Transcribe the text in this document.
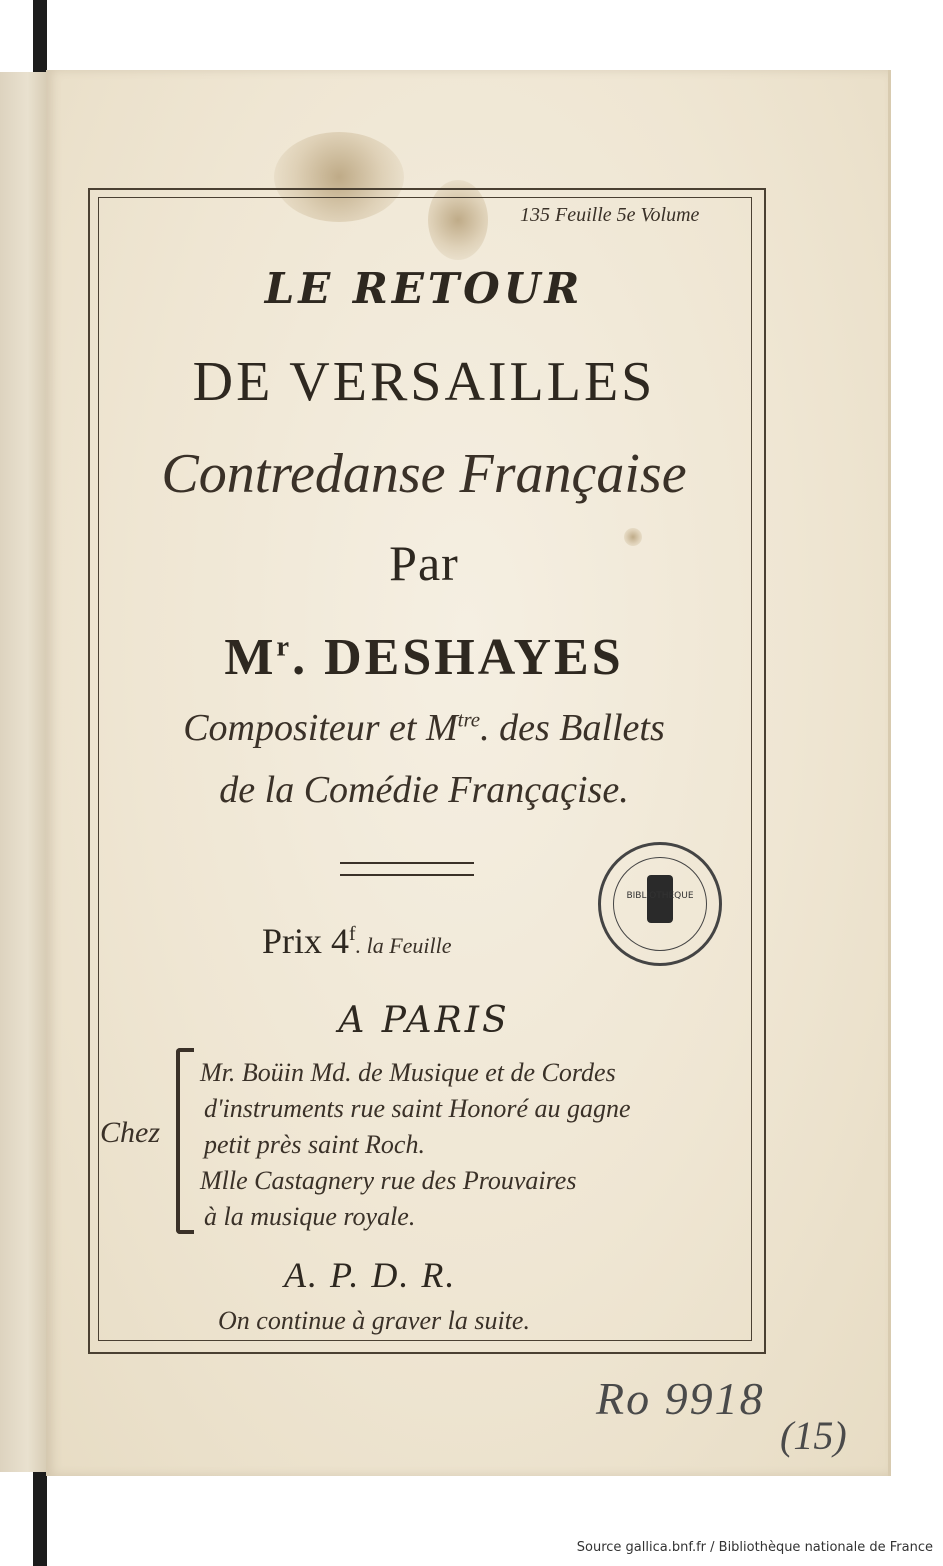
135 Feuille 5e Volume

LE RETOUR

DE VERSAILLES

Contredanse Française

Par

$M^r$. DESHAYES

Compositeur et $M^{tre}$. des Ballets

de la Comédie Françaçise.

BIBLIOTHÈQUE

Prix 4$^f$. la Feuille

A PARIS

Chez

Mr. Boüin Md. de Musique et de Cordes

d'instruments rue saint Honoré au gagne

petit près saint Roch.

Mlle Castagnery rue des Prouvaires

à la musique royale.

A. P. D. R.

On continue à graver la suite.

Ro 9918

(15)

Source gallica.bnf.fr / Bibliothèque nationale de France
